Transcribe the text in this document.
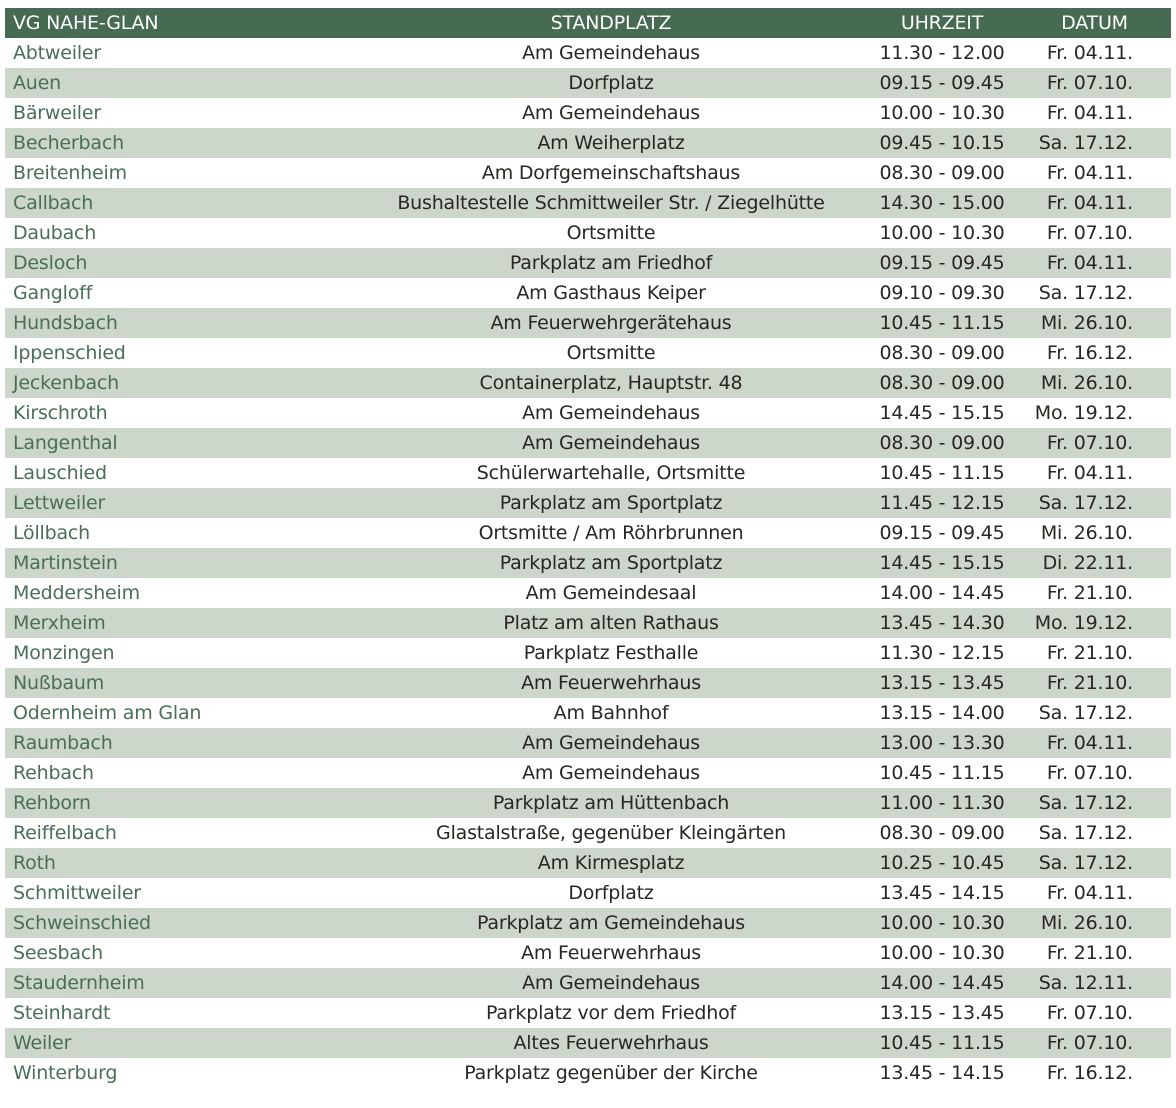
VG NAHE-GLAN	STANDPLATZ	UHRZEIT	DATUM
Abtweiler	Am Gemeindehaus	11.30 - 12.00	Fr. 04.11.
Auen	Dorfplatz	09.15 - 09.45	Fr. 07.10.
Bärweiler	Am Gemeindehaus	10.00 - 10.30	Fr. 04.11.
Becherbach	Am Weiherplatz	09.45 - 10.15	Sa. 17.12.
Breitenheim	Am Dorfgemeinschaftshaus	08.30 - 09.00	Fr. 04.11.
Callbach	Bushaltestelle Schmittweiler Str. / Ziegelhütte	14.30 - 15.00	Fr. 04.11.
Daubach	Ortsmitte	10.00 - 10.30	Fr. 07.10.
Desloch	Parkplatz am Friedhof	09.15 - 09.45	Fr. 04.11.
Gangloff	Am Gasthaus Keiper	09.10 - 09.30	Sa. 17.12.
Hundsbach	Am Feuerwehrgerätehaus	10.45 - 11.15	Mi. 26.10.
Ippenschied	Ortsmitte	08.30 - 09.00	Fr. 16.12.
Jeckenbach	Containerplatz, Hauptstr. 48	08.30 - 09.00	Mi. 26.10.
Kirschroth	Am Gemeindehaus	14.45 - 15.15	Mo. 19.12.
Langenthal	Am Gemeindehaus	08.30 - 09.00	Fr. 07.10.
Lauschied	Schülerwartehalle, Ortsmitte	10.45 - 11.15	Fr. 04.11.
Lettweiler	Parkplatz am Sportplatz	11.45 - 12.15	Sa. 17.12.
Löllbach	Ortsmitte / Am Röhrbrunnen	09.15 - 09.45	Mi. 26.10.
Martinstein	Parkplatz am Sportplatz	14.45 - 15.15	Di. 22.11.
Meddersheim	Am Gemeindesaal	14.00 - 14.45	Fr. 21.10.
Merxheim	Platz am alten Rathaus	13.45 - 14.30	Mo. 19.12.
Monzingen	Parkplatz Festhalle	11.30 - 12.15	Fr. 21.10.
Nußbaum	Am Feuerwehrhaus	13.15 - 13.45	Fr. 21.10.
Odernheim am Glan	Am Bahnhof	13.15 - 14.00	Sa. 17.12.
Raumbach	Am Gemeindehaus	13.00 - 13.30	Fr. 04.11.
Rehbach	Am Gemeindehaus	10.45 - 11.15	Fr. 07.10.
Rehborn	Parkplatz am Hüttenbach	11.00 - 11.30	Sa. 17.12.
Reiffelbach	Glastalstraße, gegenüber Kleingärten	08.30 - 09.00	Sa. 17.12.
Roth	Am Kirmesplatz	10.25 - 10.45	Sa. 17.12.
Schmittweiler	Dorfplatz	13.45 - 14.15	Fr. 04.11.
Schweinschied	Parkplatz am Gemeindehaus	10.00 - 10.30	Mi. 26.10.
Seesbach	Am Feuerwehrhaus	10.00 - 10.30	Fr. 21.10.
Staudernheim	Am Gemeindehaus	14.00 - 14.45	Sa. 12.11.
Steinhardt	Parkplatz vor dem Friedhof	13.15 - 13.45	Fr. 07.10.
Weiler	Altes Feuerwehrhaus	10.45 - 11.15	Fr. 07.10.
Winterburg	Parkplatz gegenüber der Kirche	13.45 - 14.15	Fr. 16.12.
